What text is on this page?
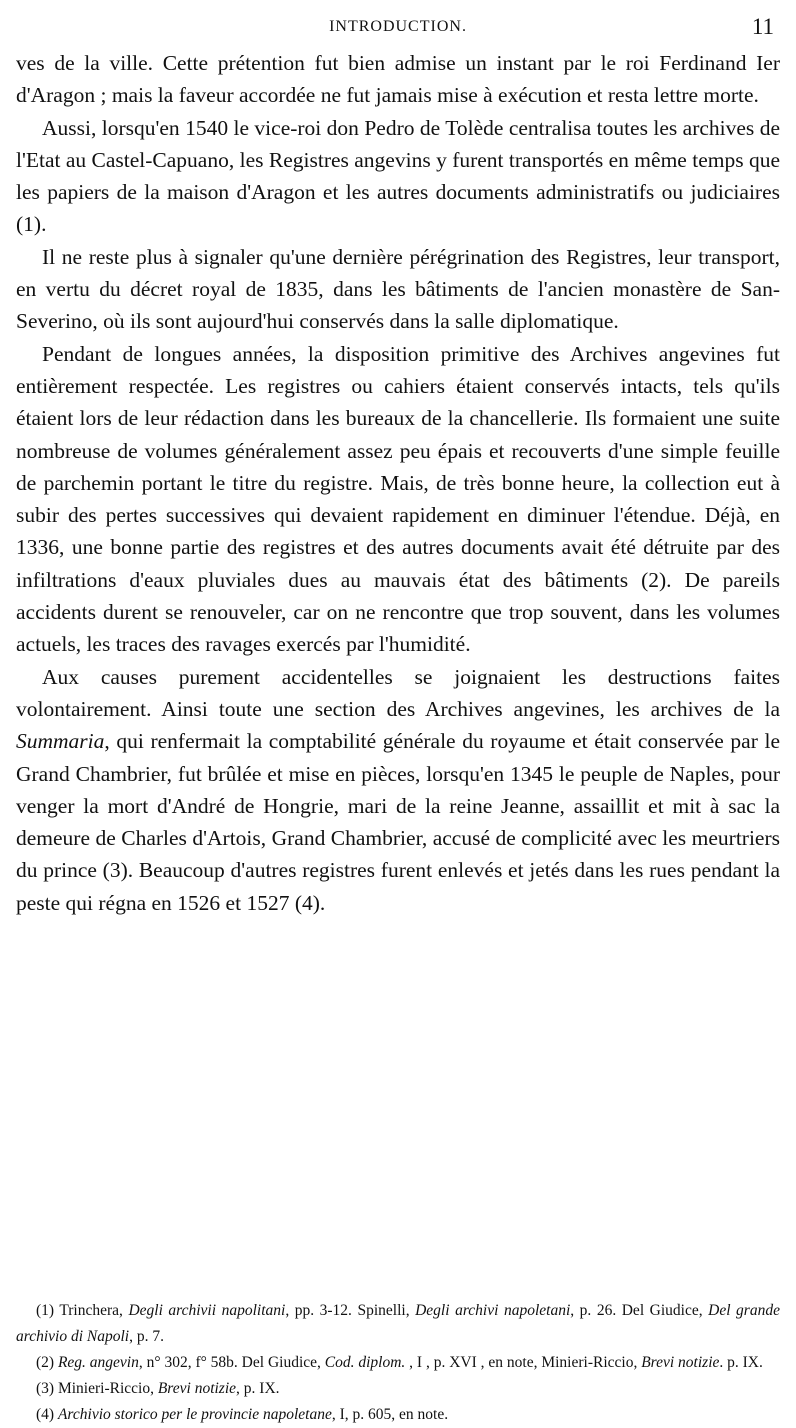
INTRODUCTION.	11

ves de la ville. Cette prétention fut bien admise un instant par le roi Ferdinand Ier d'Aragon ; mais la faveur accordée ne fut jamais mise à exécution et resta lettre morte.

Aussi, lorsqu'en 1540 le vice-roi don Pedro de Tolède centralisa toutes les archives de l'Etat au Castel-Capuano, les Registres angevins y furent transportés en même temps que les papiers de la maison d'Aragon et les autres documents administratifs ou judiciaires (1).

Il ne reste plus à signaler qu'une dernière pérégrination des Registres, leur transport, en vertu du décret royal de 1835, dans les bâtiments de l'ancien monastère de San-Severino, où ils sont aujourd'hui conservés dans la salle diplomatique.

Pendant de longues années, la disposition primitive des Archives angevines fut entièrement respectée. Les registres ou cahiers étaient conservés intacts, tels qu'ils étaient lors de leur rédaction dans les bureaux de la chancellerie. Ils formaient une suite nombreuse de volumes généralement assez peu épais et recouverts d'une simple feuille de parchemin portant le titre du registre. Mais, de très bonne heure, la collection eut à subir des pertes successives qui devaient rapidement en diminuer l'étendue. Déjà, en 1336, une bonne partie des registres et des autres documents avait été détruite par des infiltrations d'eaux pluviales dues au mauvais état des bâtiments (2). De pareils accidents durent se renouveler, car on ne rencontre que trop souvent, dans les volumes actuels, les traces des ravages exercés par l'humidité.

Aux causes purement accidentelles se joignaient les destructions faites volontairement. Ainsi toute une section des Archives angevines, les archives de la Summaria, qui renfermait la comptabilité générale du royaume et était conservée par le Grand Chambrier, fut brûlée et mise en pièces, lorsqu'en 1345 le peuple de Naples, pour venger la mort d'André de Hongrie, mari de la reine Jeanne, assaillit et mit à sac la demeure de Charles d'Artois, Grand Chambrier, accusé de complicité avec les meurtriers du prince (3). Beaucoup d'autres registres furent enlevés et jetés dans les rues pendant la peste qui régna en 1526 et 1527 (4).

(1) Trinchera, Degli archivii napolitani, pp. 3-12. Spinelli, Degli archivi napoletani, p. 26. Del Giudice, Del grande archivio di Napoli, p. 7.

(2) Reg. angevin, n° 302, f° 58b. Del Giudice, Cod. diplom. , I , p. XVI , en note, Minieri-Riccio, Brevi notizie. p. IX.

(3) Minieri-Riccio, Brevi notizie, p. IX.

(4) Archivio storico per le provincie napoletane, I, p. 605, en note.
